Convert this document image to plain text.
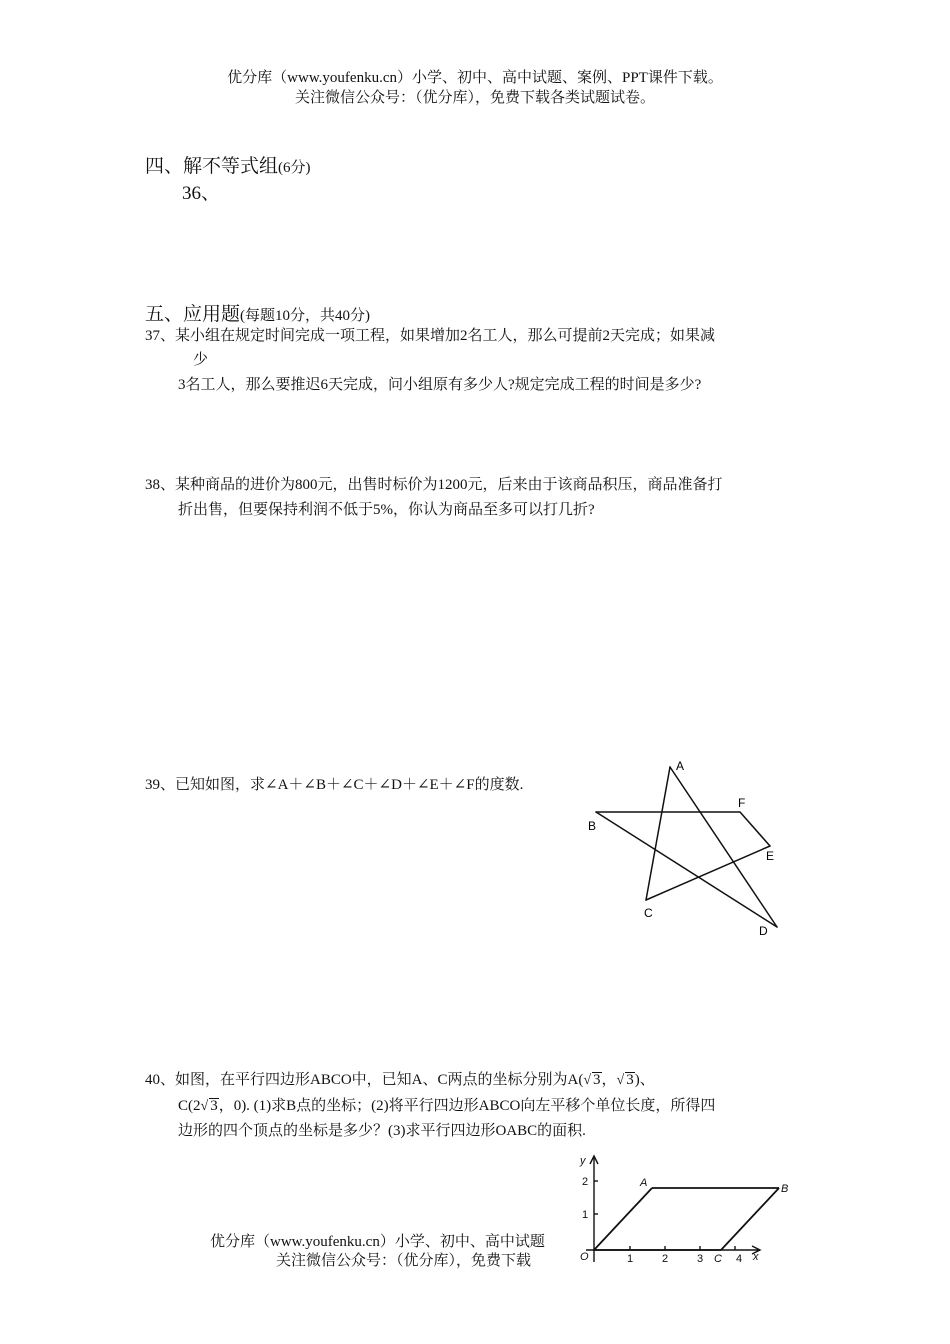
优分库（www.youfenku.cn）小学、初中、高中试题、案例、PPT课件下载。
关注微信公众号：（优分库），免费下载各类试题试卷。
四、解不等式组(6分)
36、
五、应用题(每题10分，共40分)
37、某小组在规定时间完成一项工程，如果增加2名工人，那么可提前2天完成；如果减
少
3名工人，那么要推迟6天完成，问小组原有多少人?规定完成工程的时间是多少?
38、某种商品的进价为800元，出售时标价为1200元，后来由于该商品积压，商品准备打
折出售，但要保持利润不低于5%，你认为商品至多可以打几折?
39、已知如图，求∠A＋∠B＋∠C＋∠D＋∠E＋∠F的度数.
A
B
C
D
E
F
40、如图，在平行四边形ABCO中，已知A、C两点的坐标分别为A(√ 3，√ 3)、
C(2√ 3，0). (1)求B点的坐标；(2)将平行四边形ABCO向左平移个单位长度，所得四
边形的四个顶点的坐标是多少？(3)求平行四边形OABC的面积.
y
x
A	B
C
O
2
1
1	2	3	4
优分库（www.youfenku.cn）小学、初中、高中试题
关注微信公众号：（优分库），免费下载
